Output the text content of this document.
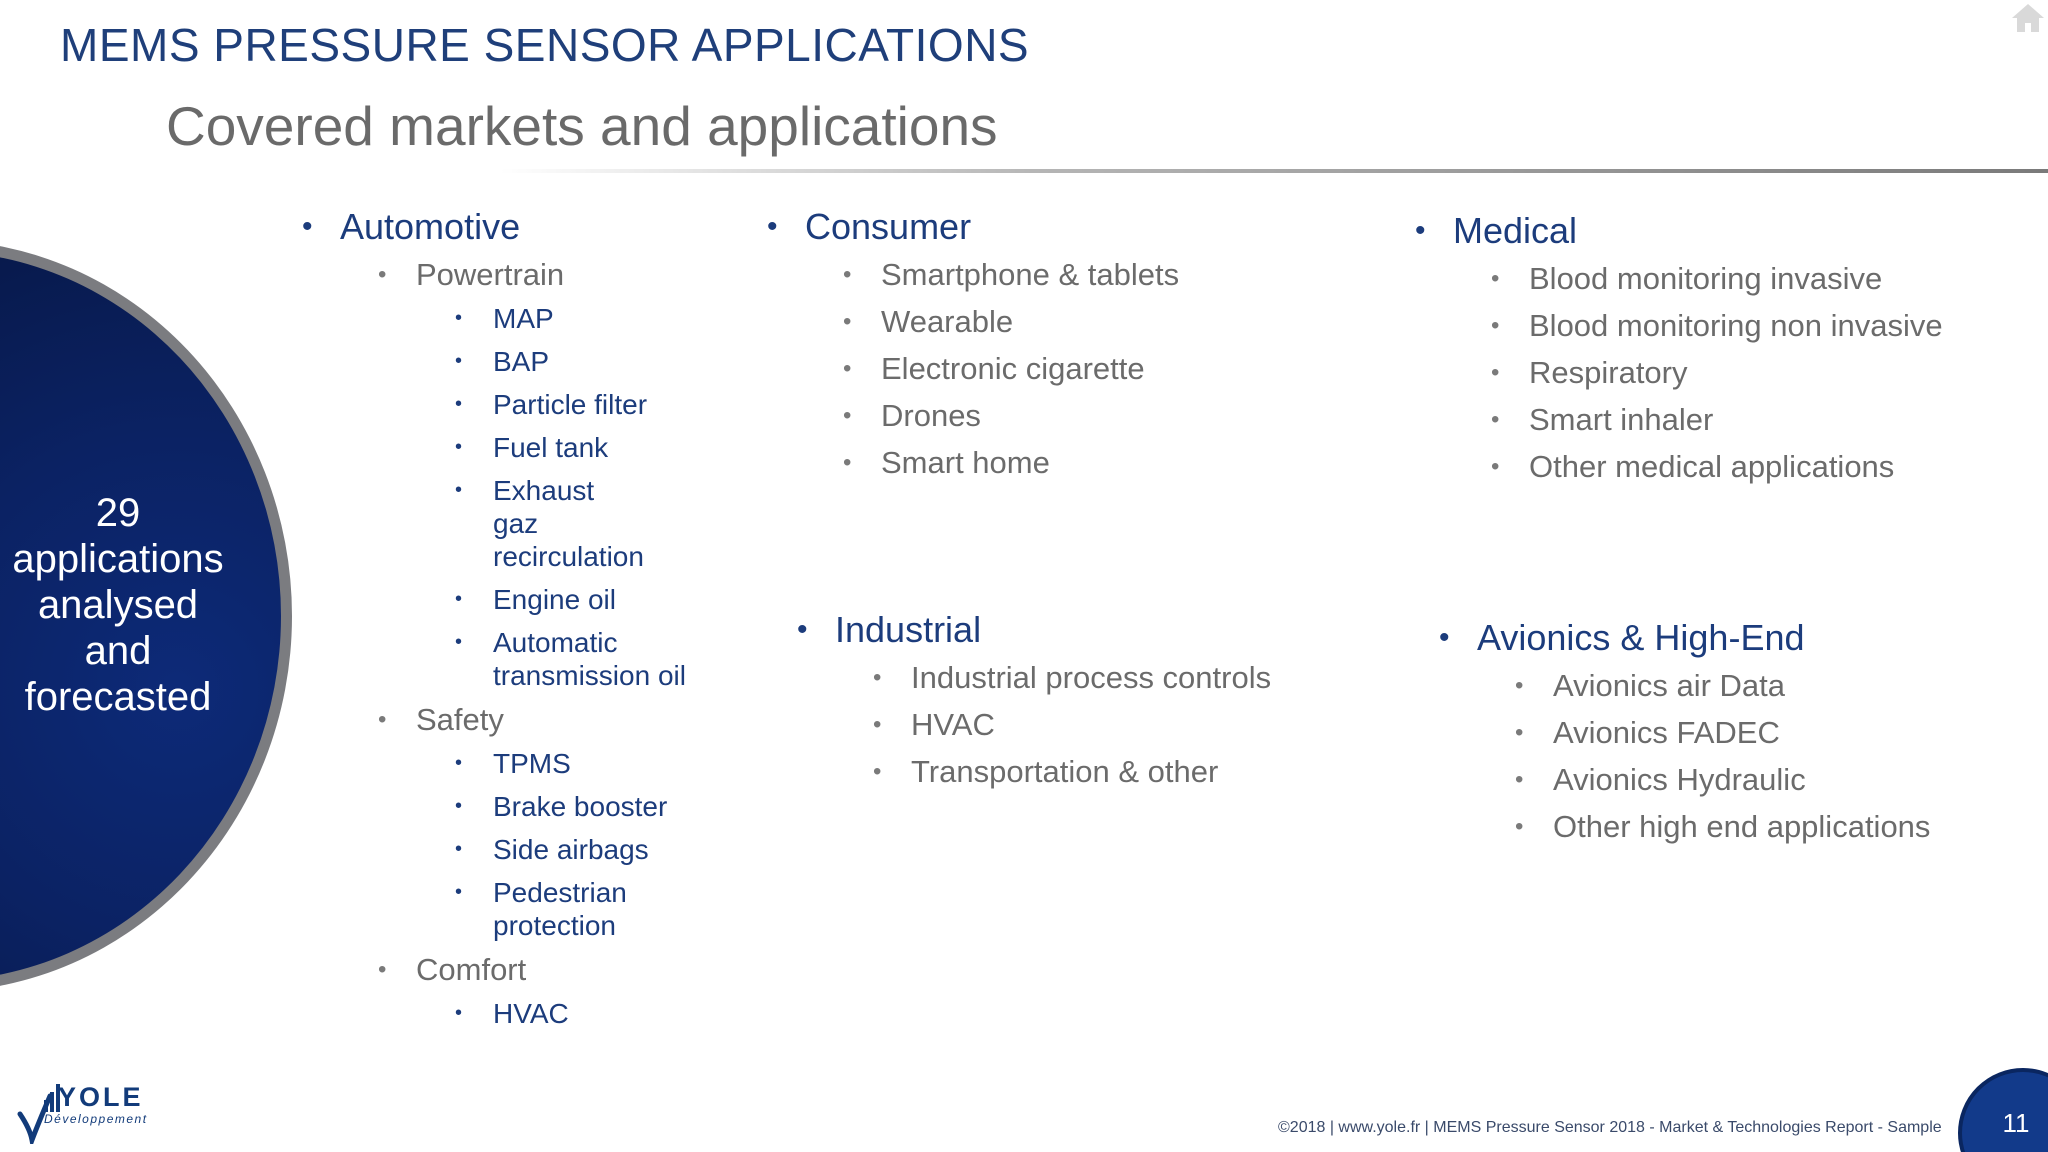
MEMS PRESSURE SENSOR APPLICATIONS
Covered markets and applications
29
applications
analysed
and
forecasted
• Automotive
• Powertrain
• MAP
• BAP
• Particle filter
• Fuel tank
• Exhaust gaz recirculation
• Engine oil
• Automatic transmission oil
• Safety
• TPMS
• Brake booster
• Side airbags
• Pedestrian protection
• Comfort
• HVAC
• Consumer
• Smartphone & tablets
• Wearable
• Electronic cigarette
• Drones
• Smart home
• Industrial
• Industrial process controls
• HVAC
• Transportation & other
• Medical
• Blood monitoring invasive
• Blood monitoring non invasive
• Respiratory
• Smart inhaler
• Other medical applications
• Avionics & High-End
• Avionics air Data
• Avionics FADEC
• Avionics Hydraulic
• Other high end applications
YOLE
Développement	©2018 | www.yole.fr | MEMS Pressure Sensor 2018 - Market & Technologies Report - Sample 11
